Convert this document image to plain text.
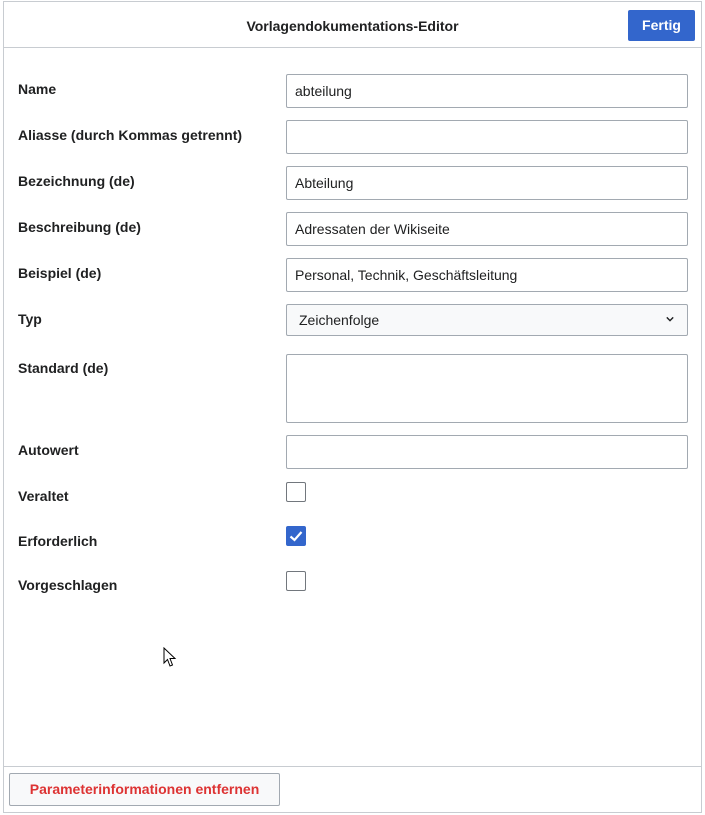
Vorlagendokumentations-Editor	Fertig
Name	abteilung
Aliasse (durch Kommas getrennt)
Bezeichnung (de)	Abteilung
Beschreibung (de)	Adressaten der Wikiseite
Beispiel (de)	Personal, Technik, Geschäftsleitung
Typ	Zeichenfolge
Standard (de)
Autowert
Veraltet
Erforderlich
Vorgeschlagen
Parameterinformationen entfernen
